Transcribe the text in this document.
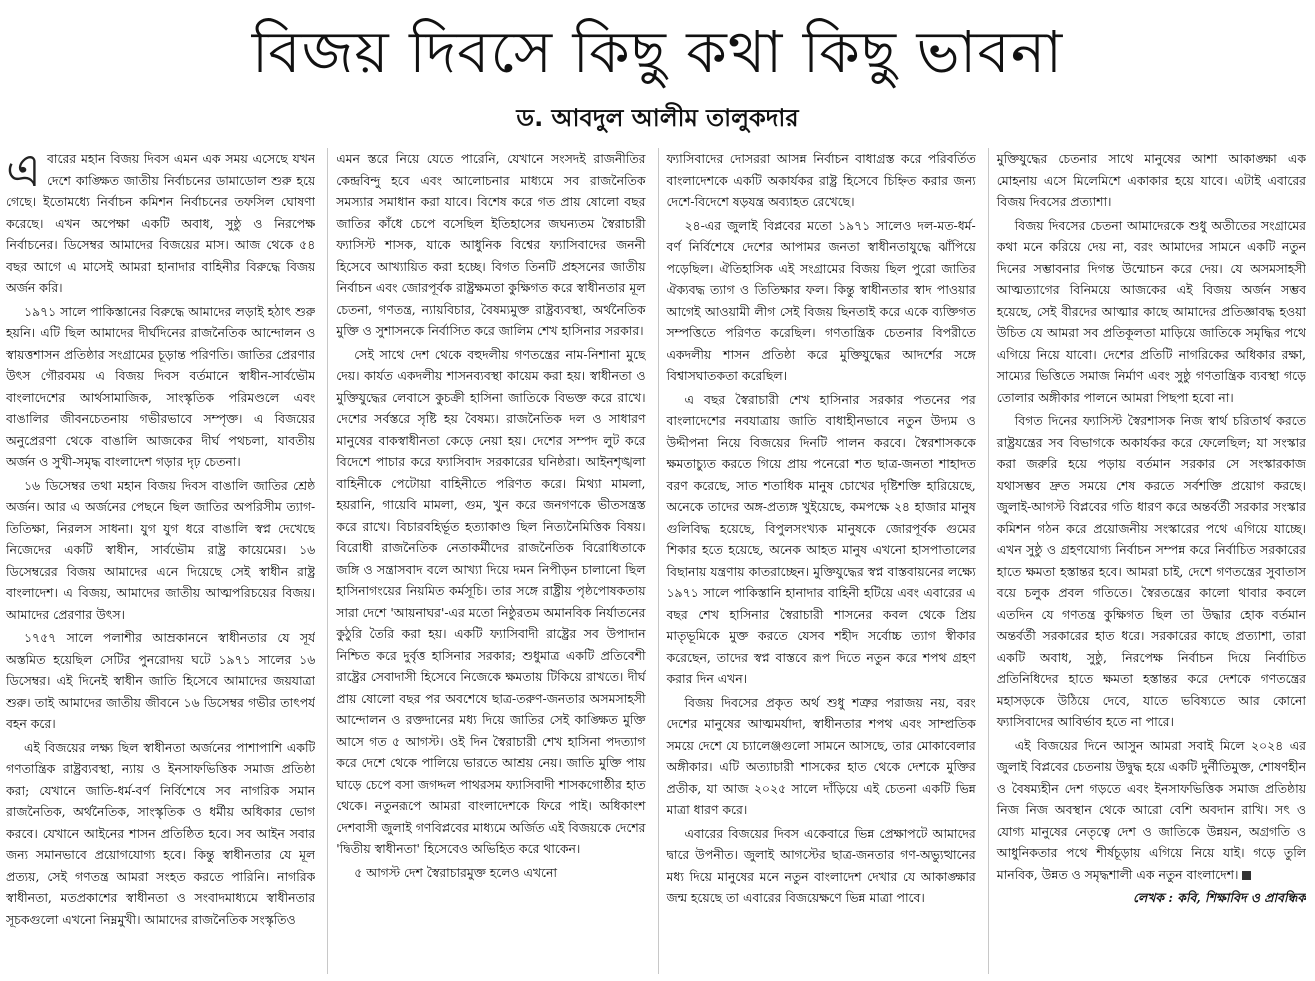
বিজয় দিবসে কিছু কথা কিছু ভাবনা
ড. আবদুল আলীম তালুকদার

এবারের মহান বিজয় দিবস এমন এক সময় এসেছে যখন দেশে কাঙ্ক্ষিত জাতীয় নির্বাচনের ডামাডোল শুরু হয়ে গেছে। ইতোমধ্যে নির্বাচন কমিশন নির্বাচনের তফসিল ঘোষণা করেছে। এখন অপেক্ষা একটি অবাধ, সুষ্ঠু ও নিরপেক্ষ নির্বাচনের। ডিসেম্বর আমাদের বিজয়ের মাস। আজ থেকে ৫৪ বছর আগে এ মাসেই আমরা হানাদার বাহিনীর বিরুদ্ধে বিজয় অর্জন করি।

১৯৭১ সালে পাকিস্তানের বিরুদ্ধে আমাদের লড়াই হঠাৎ শুরু হয়নি। এটি ছিল আমাদের দীর্ঘদিনের রাজনৈতিক আন্দোলন ও স্বায়ত্তশাসন প্রতিষ্ঠার সংগ্রামের চূড়ান্ত পরিণতি। জাতির প্রেরণার উৎস গৌরবময় এ বিজয় দিবস বর্তমানে স্বাধীন-সার্বভৌম বাংলাদেশের আর্থসামাজিক, সাংস্কৃতিক পরিমণ্ডলে এবং বাঙালির জীবনচেতনায় গভীরভাবে সম্পৃক্ত। এ বিজয়ের অনুপ্রেরণা থেকে বাঙালি আজকের দীর্ঘ পথচলা, যাবতীয় অর্জন ও সুখী-সমৃদ্ধ বাংলাদেশ গড়ার দৃঢ় চেতনা।

১৬ ডিসেম্বর তথা মহান বিজয় দিবস বাঙালি জাতির শ্রেষ্ঠ অর্জন। আর এ অর্জনের পেছনে ছিল জাতির অপরিসীম ত্যাগ-তিতিক্ষা, নিরলস সাধনা। যুগ যুগ ধরে বাঙালি স্বপ্ন দেখেছে নিজেদের একটি স্বাধীন, সার্বভৌম রাষ্ট্র কায়েমের। ১৬ ডিসেম্বরের বিজয় আমাদের এনে দিয়েছে সেই স্বাধীন রাষ্ট্র বাংলাদেশ। এ বিজয়, আমাদের জাতীয় আত্মপরিচয়ের বিজয়। আমাদের প্রেরণার উৎস।

১৭৫৭ সালে পলাশীর আম্রকাননে স্বাধীনতার যে সূর্য অস্তমিত হয়েছিল সেটির পুনরোদয় ঘটে ১৯৭১ সালের ১৬ ডিসেম্বর। এই দিনেই স্বাধীন জাতি হিসেবে আমাদের জয়যাত্রা শুরু। তাই আমাদের জাতীয় জীবনে ১৬ ডিসেম্বর গভীর তাৎপর্য বহন করে।

এই বিজয়ের লক্ষ্য ছিল স্বাধীনতা অর্জনের পাশাপাশি একটি গণতান্ত্রিক রাষ্ট্রব্যবস্থা, ন্যায় ও ইনসাফভিত্তিক সমাজ প্রতিষ্ঠা করা; যেখানে জাতি-ধর্ম-বর্ণ নির্বিশেষে সব নাগরিক সমান রাজনৈতিক, অর্থনৈতিক, সাংস্কৃতিক ও ধর্মীয় অধিকার ভোগ করবে। যেখানে আইনের শাসন প্রতিষ্ঠিত হবে। সব আইন সবার জন্য সমানভাবে প্রয়োগযোগ্য হবে। কিন্তু স্বাধীনতার যে মূল প্রত্যয়, সেই গণতন্ত্র আমরা সংহত করতে পারিনি। নাগরিক স্বাধীনতা, মতপ্রকাশের স্বাধীনতা ও সংবাদমাধ্যমে স্বাধীনতার সূচকগুলো এখনো নিম্নমুখী। আমাদের রাজনৈতিক সংস্কৃতিও

এমন স্তরে নিয়ে যেতে পারেনি, যেখানে সংসদই রাজনীতির কেন্দ্রবিন্দু হবে এবং আলোচনার মাধ্যমে সব রাজনৈতিক সমস্যার সমাধান করা যাবে। বিশেষ করে গত প্রায় ষোলো বছর জাতির কাঁধে চেপে বসেছিল ইতিহাসের জঘন্যতম স্বৈরাচারী ফ্যাসিস্ট শাসক, যাকে আধুনিক বিশ্বের ফ্যাসিবাদের জননী হিসেবে আখ্যায়িত করা হচ্ছে। বিগত তিনটি প্রহসনের জাতীয় নির্বাচন এবং জোরপূর্বক রাষ্ট্রক্ষমতা কুক্ষিগত করে স্বাধীনতার মূল চেতনা, গণতন্ত্র, ন্যায়বিচার, বৈষম্যমুক্ত রাষ্ট্রব্যবস্থা, অর্থনৈতিক মুক্তি ও সুশাসনকে নির্বাসিত করে জালিম শেখ হাসিনার সরকার।

সেই সাথে দেশ থেকে বহুদলীয় গণতন্ত্রের নাম-নিশানা মুছে দেয়। কার্যত একদলীয় শাসনব্যবস্থা কায়েম করা হয়। স্বাধীনতা ও মুক্তিযুদ্ধের লেবাসে কুচক্রী হাসিনা জাতিকে বিভক্ত করে রাখে। দেশের সর্বস্তরে সৃষ্টি হয় বৈষম্য। রাজনৈতিক দল ও সাধারণ মানুষের বাকস্বাধীনতা কেড়ে নেয়া হয়। দেশের সম্পদ লুট করে বিদেশে পাচার করে ফ্যাসিবাদ সরকারের ঘনিষ্ঠরা। আইনশৃঙ্খলা বাহিনীকে পেটোয়া বাহিনীতে পরিণত করে। মিথ্যা মামলা, হয়রানি, গায়েবি মামলা, গুম, খুন করে জনগণকে ভীতসন্ত্রস্ত করে রাখে। বিচারবহির্ভূত হত্যাকাণ্ড ছিল নিত্যনৈমিত্তিক বিষয়। বিরোধী রাজনৈতিক নেতাকর্মীদের রাজনৈতিক বিরোধিতাকে জঙ্গি ও সন্ত্রাসবাদ বলে আখ্যা দিয়ে দমন নিপীড়ন চালানো ছিল হাসিনাগংয়ের নিয়মিত কর্মসূচি। তার সঙ্গে রাষ্ট্রীয় পৃষ্ঠপোষকতায় সারা দেশে 'আয়নাঘর'-এর মতো নিষ্ঠুরতম অমানবিক নির্যাতনের কুঠুরি তৈরি করা হয়। একটি ফ্যাসিবাদী রাষ্ট্রের সব উপাদান নিশ্চিত করে দুর্বৃত্ত হাসিনার সরকার; শুধুমাত্র একটি প্রতিবেশী রাষ্ট্রের সেবাদাসী হিসেবে নিজেকে ক্ষমতায় টিকিয়ে রাখতে। দীর্ঘ প্রায় ষোলো বছর পর অবশেষে ছাত্র-তরুণ-জনতার অসমসাহসী আন্দোলন ও রক্তদানের মধ্য দিয়ে জাতির সেই কাঙ্ক্ষিত মুক্তি আসে গত ৫ আগস্ট। ওই দিন স্বৈরাচারী শেখ হাসিনা পদত্যাগ করে দেশে থেকে পালিয়ে ভারতে আশ্রয় নেয়। জাতি মুক্তি পায় ঘাড়ে চেপে বসা জগদ্দল পাথরসম ফ্যাসিবাদী শাসকগোষ্ঠীর হাত থেকে। নতুনরূপে আমরা বাংলাদেশকে ফিরে পাই। অধিকাংশ দেশবাসী জুলাই গণবিপ্লবের মাধ্যমে অর্জিত এই বিজয়কে দেশের 'দ্বিতীয় স্বাধীনতা' হিসেবেও অভিহিত করে থাকেন।

৫ আগস্ট দেশ স্বৈরাচারমুক্ত হলেও এখনো

ফ্যাসিবাদের দোসররা আসন্ন নির্বাচন বাধাগ্রস্ত করে পরিবর্তিত বাংলাদেশকে একটি অকার্যকর রাষ্ট্র হিসেবে চিহ্নিত করার জন্য দেশে-বিদেশে ষড়যন্ত্র অব্যাহত রেখেছে।

২৪-এর জুলাই বিপ্লবের মতো ১৯৭১ সালেও দল-মত-ধর্ম-বর্ণ নির্বিশেষে দেশের আপামর জনতা স্বাধীনতাযুদ্ধে ঝাঁপিয়ে পড়েছিল। ঐতিহাসিক এই সংগ্রামের বিজয় ছিল পুরো জাতির ঐক্যবদ্ধ ত্যাগ ও তিতিক্ষার ফল। কিন্তু স্বাধীনতার স্বাদ পাওয়ার আগেই আওয়ামী লীগ সেই বিজয় ছিনতাই করে একে ব্যক্তিগত সম্পত্তিতে পরিণত করেছিল। গণতান্ত্রিক চেতনার বিপরীতে একদলীয় শাসন প্রতিষ্ঠা করে মুক্তিযুদ্ধের আদর্শের সঙ্গে বিশ্বাসঘাতকতা করেছিল।

এ বছর স্বৈরাচারী শেখ হাসিনার সরকার পতনের পর বাংলাদেশের নবযাত্রায় জাতি বাধাহীনভাবে নতুন উদ্যম ও উদ্দীপনা নিয়ে বিজয়ের দিনটি পালন করবে। স্বৈরশাসককে ক্ষমতাচ্যুত করতে গিয়ে প্রায় পনেরো শত ছাত্র-জনতা শাহাদত বরণ করেছে, সাত শতাধিক মানুষ চোখের দৃষ্টিশক্তি হারিয়েছে, অনেকে তাদের অঙ্গ-প্রত্যঙ্গ খুইয়েছে, কমপক্ষে ২৪ হাজার মানুষ গুলিবিদ্ধ হয়েছে, বিপুলসংখ্যক মানুষকে জোরপূর্বক গুমের শিকার হতে হয়েছে, অনেক আহত মানুষ এখনো হাসপাতালের বিছানায় যন্ত্রণায় কাতরাচ্ছেন। মুক্তিযুদ্ধের স্বপ্ন বাস্তবায়নের লক্ষ্যে ১৯৭১ সালে পাকিস্তানি হানাদার বাহিনী হটিয়ে এবং এবারের এ বছর শেখ হাসিনার স্বৈরাচারী শাসনের কবল থেকে প্রিয় মাতৃভূমিকে মুক্ত করতে যেসব শহীদ সর্বোচ্চ ত্যাগ স্বীকার করেছেন, তাদের স্বপ্ন বাস্তবে রূপ দিতে নতুন করে শপথ গ্রহণ করার দিন এখন।

বিজয় দিবসের প্রকৃত অর্থ শুধু শত্রুর পরাজয় নয়, বরং দেশের মানুষের আত্মমর্যাদা, স্বাধীনতার শপথ এবং সাম্প্রতিক সময়ে দেশে যে চ্যালেঞ্জগুলো সামনে আসছে, তার মোকাবেলার অঙ্গীকার। এটি অত্যাচারী শাসকের হাত থেকে দেশকে মুক্তির প্রতীক, যা আজ ২০২৫ সালে দাঁড়িয়ে এই চেতনা একটি ভিন্ন মাত্রা ধারণ করে।

এবারের বিজয়ের দিবস একেবারে ভিন্ন প্রেক্ষাপটে আমাদের দ্বারে উপনীত। জুলাই আগস্টের ছাত্র-জনতার গণ-অভ্যুত্থানের মধ্য দিয়ে মানুষের মনে নতুন বাংলাদেশ দেখার যে আকাঙ্ক্ষার জন্ম হয়েছে তা এবারের বিজয়েক্ষণে ভিন্ন মাত্রা পাবে।

মুক্তিযুদ্ধের চেতনার সাথে মানুষের আশা আকাঙ্ক্ষা এক মোহনায় এসে মিলেমিশে একাকার হয়ে যাবে। এটাই এবারের বিজয় দিবসের প্রত্যাশা।

বিজয় দিবসের চেতনা আমাদেরকে শুধু অতীতের সংগ্রামের কথা মনে করিয়ে দেয় না, বরং আমাদের সামনে একটি নতুন দিনের সম্ভাবনার দিগন্ত উন্মোচন করে দেয়। যে অসমসাহসী আত্মত্যাগের বিনিময়ে আজকের এই বিজয় অর্জন সম্ভব হয়েছে, সেই বীরদের আত্মার কাছে আমাদের প্রতিজ্ঞাবদ্ধ হওয়া উচিত যে আমরা সব প্রতিকূলতা মাড়িয়ে জাতিকে সমৃদ্ধির পথে এগিয়ে নিয়ে যাবো। দেশের প্রতিটি নাগরিকের অধিকার রক্ষা, সাম্যের ভিত্তিতে সমাজ নির্মাণ এবং সুষ্ঠু গণতান্ত্রিক ব্যবস্থা গড়ে তোলার অঙ্গীকার পালনে আমরা পিছপা হবো না।

বিগত দিনের ফ্যাসিস্ট স্বৈরশাসক নিজ স্বার্থ চরিতার্থ করতে রাষ্ট্রযন্ত্রের সব বিভাগকে অকার্যকর করে ফেলেছিল; যা সংস্কার করা জরুরি হয়ে পড়ায় বর্তমান সরকার সে সংস্কারকাজ যথাসম্ভব দ্রুত সময়ে শেষ করতে সর্বশক্তি প্রয়োগ করছে। জুলাই-আগস্ট বিপ্লবের গতি ধারণ করে অন্তর্বর্তী সরকার সংস্কার কমিশন গঠন করে প্রয়োজনীয় সংস্কারের পথে এগিয়ে যাচ্ছে। এখন সুষ্ঠু ও গ্রহণযোগ্য নির্বাচন সম্পন্ন করে নির্বাচিত সরকারের হাতে ক্ষমতা হস্তান্তর হবে। আমরা চাই, দেশে গণতন্ত্রের সুবাতাস বয়ে চলুক প্রবল গতিতে। স্বৈরতন্ত্রের কালো থাবার কবলে এতদিন যে গণতন্ত্র কুক্ষিগত ছিল তা উদ্ধার হোক বর্তমান অন্তর্বর্তী সরকারের হাত ধরে। সরকারের কাছে প্রত্যাশা, তারা একটি অবাধ, সুষ্ঠু, নিরপেক্ষ নির্বাচন দিয়ে নির্বাচিত প্রতিনিধিদের হাতে ক্ষমতা হস্তান্তর করে দেশকে গণতন্ত্রের মহাসড়কে উঠিয়ে দেবে, যাতে ভবিষ্যতে আর কোনো ফ্যাসিবাদের আবির্ভাব হতে না পারে।

এই বিজয়ের দিনে আসুন আমরা সবাই মিলে ২০২৪ এর জুলাই বিপ্লবের চেতনায় উদ্বুদ্ধ হয়ে একটি দুর্নীতিমুক্ত, শোষণহীন ও বৈষম্যহীন দেশ গড়তে এবং ইনসাফভিত্তিক সমাজ প্রতিষ্ঠায় নিজ নিজ অবস্থান থেকে আরো বেশি অবদান রাখি। সৎ ও যোগ্য মানুষের নেতৃত্বে দেশ ও জাতিকে উন্নয়ন, অগ্রগতি ও আধুনিকতার পথে শীর্ষচূড়ায় এগিয়ে নিয়ে যাই। গড়ে তুলি মানবিক, উন্নত ও সমৃদ্ধশালী এক নতুন বাংলাদেশ।

লেখক : কবি, শিক্ষাবিদ ও প্রাবন্ধিক
